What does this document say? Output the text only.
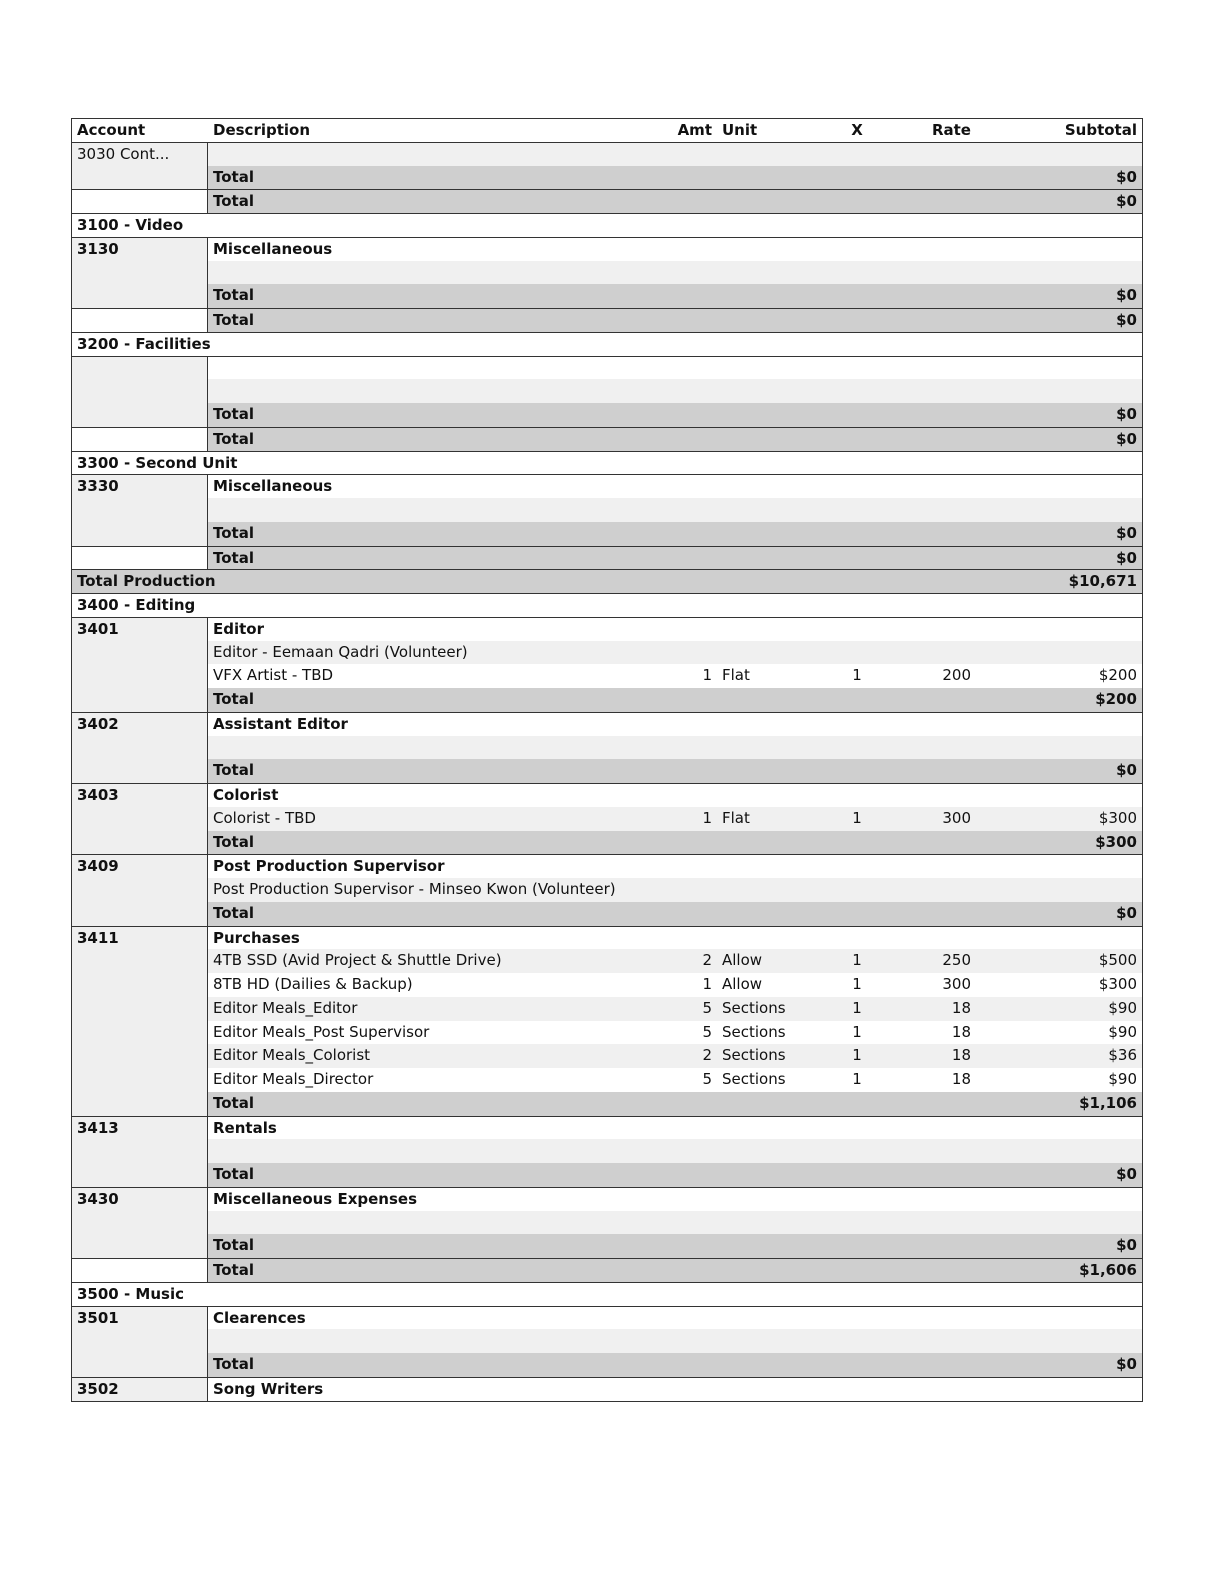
Account	Description	Amt Unit	X	Rate	Subtotal
3030 Cont...
Total	$0
Total	$0
3100 - Video
3130	Miscellaneous
Total	$0
Total	$0
3200 - Facilities
Total	$0
Total	$0
3300 - Second Unit
3330	Miscellaneous
Total	$0
Total	$0
Total Production	$10,671
3400 - Editing
3401	Editor
Editor - Eemaan Qadri (Volunteer)
VFX Artist - TBD	1 Flat	1	200	$200
Total	$200
3402	Assistant Editor
Total	$0
3403	Colorist
Colorist - TBD	1 Flat	1	300	$300
Total	$300
3409	Post Production Supervisor
Post Production Supervisor - Minseo Kwon (Volunteer)
Total	$0
3411	Purchases
4TB SSD (Avid Project & Shuttle Drive)	2 Allow	1	250	$500
8TB HD (Dailies & Backup)	1 Allow	1	300	$300
Editor Meals_Editor	5 Sections	1	18	$90
Editor Meals_Post Supervisor	5 Sections	1	18	$90
Editor Meals_Colorist	2 Sections	1	18	$36
Editor Meals_Director	5 Sections	1	18	$90
Total	$1,106
3413	Rentals
Total	$0
3430	Miscellaneous Expenses
Total	$0
Total	$1,606
3500 - Music
3501	Clearences
Total	$0
3502	Song Writers
